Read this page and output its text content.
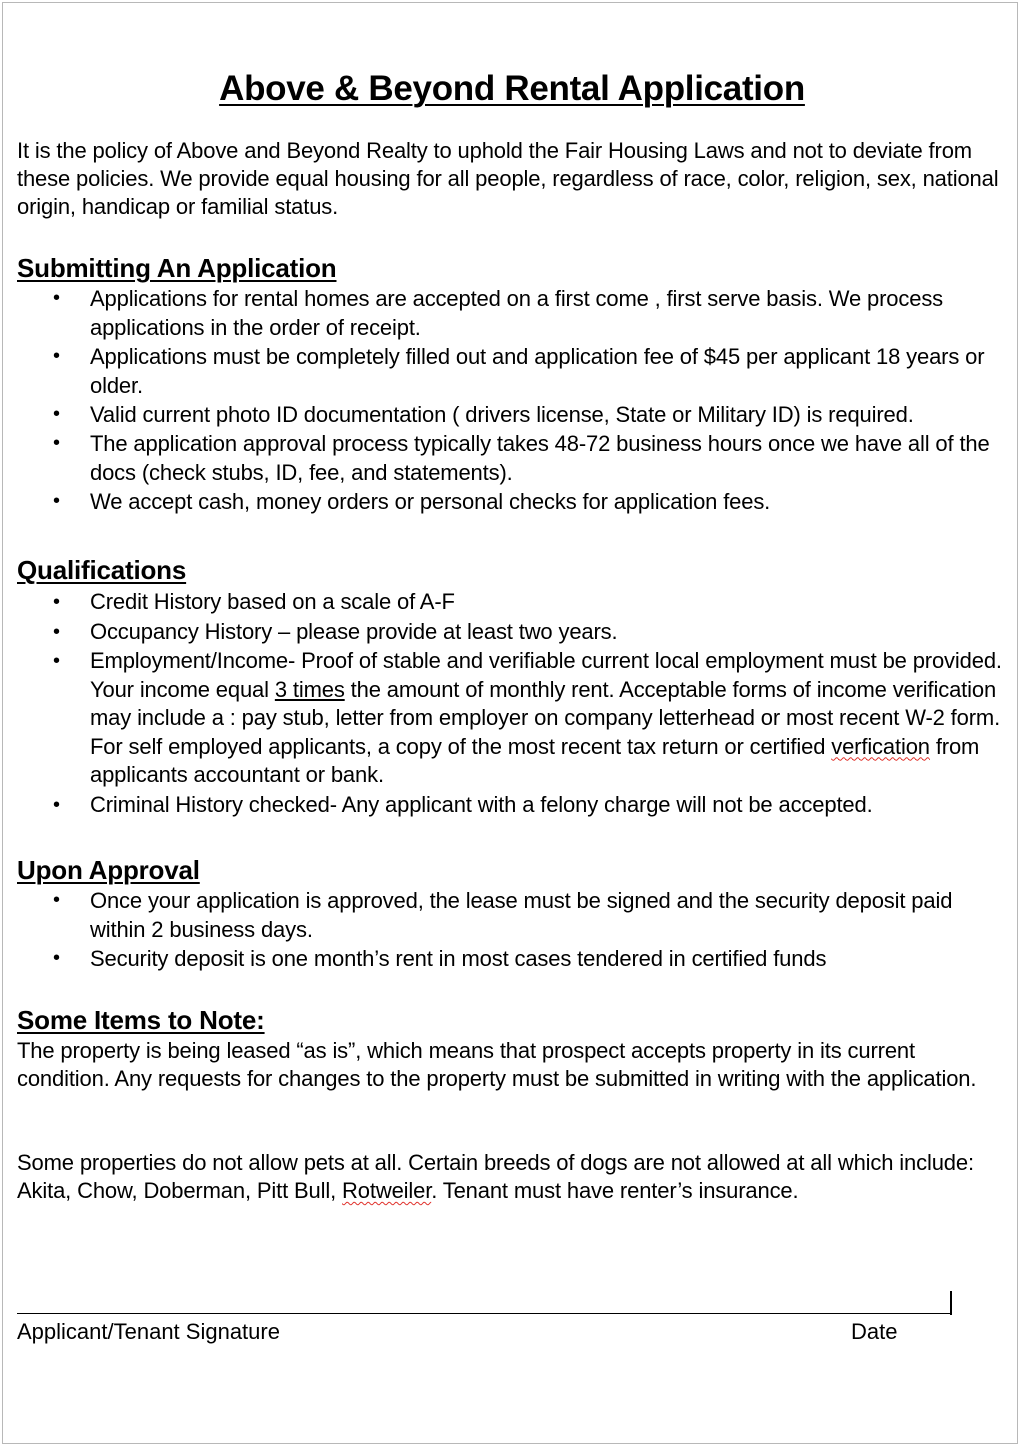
Above & Beyond Rental Application

It is the policy of Above and Beyond Realty to uphold the Fair Housing Laws and not to deviate from these policies. We provide equal housing for all people, regardless of race, color, religion, sex, national origin, handicap or familial status.

Submitting An Application
• Applications for rental homes are accepted on a first come , first serve basis. We process applications in the order of receipt.
• Applications must be completely filled out and application fee of $45 per applicant 18 years or older.
• Valid current photo ID documentation ( drivers license, State or Military ID) is required.
• The application approval process typically takes 48-72 business hours once we have all of the docs (check stubs, ID, fee, and statements).
• We accept cash, money orders or personal checks for application fees.
Qualifications
• Credit History based on a scale of A-F
• Occupancy History – please provide at least two years.
• Employment/Income- Proof of stable and verifiable current local employment must be provided. Your income equal 3 times the amount of monthly rent. Acceptable forms of income verification may include a : pay stub, letter from employer on company letterhead or most recent W-2 form. For self employed applicants, a copy of the most recent tax return or certified verfication from applicants accountant or bank.
• Criminal History checked- Any applicant with a felony charge will not be accepted.
Upon Approval
• Once your application is approved, the lease must be signed and the security deposit paid within 2 business days.
• Security deposit is one month’s rent in most cases tendered in certified funds
Some Items to Note:

The property is being leased “as is”, which means that prospect accepts property in its current condition. Any requests for changes to the property must be submitted in writing with the application.

Some properties do not allow pets at all. Certain breeds of dogs are not allowed at all which include: Akita, Chow, Doberman, Pitt Bull, Rotweiler. Tenant must have renter’s insurance.

Applicant/Tenant Signature	Date
